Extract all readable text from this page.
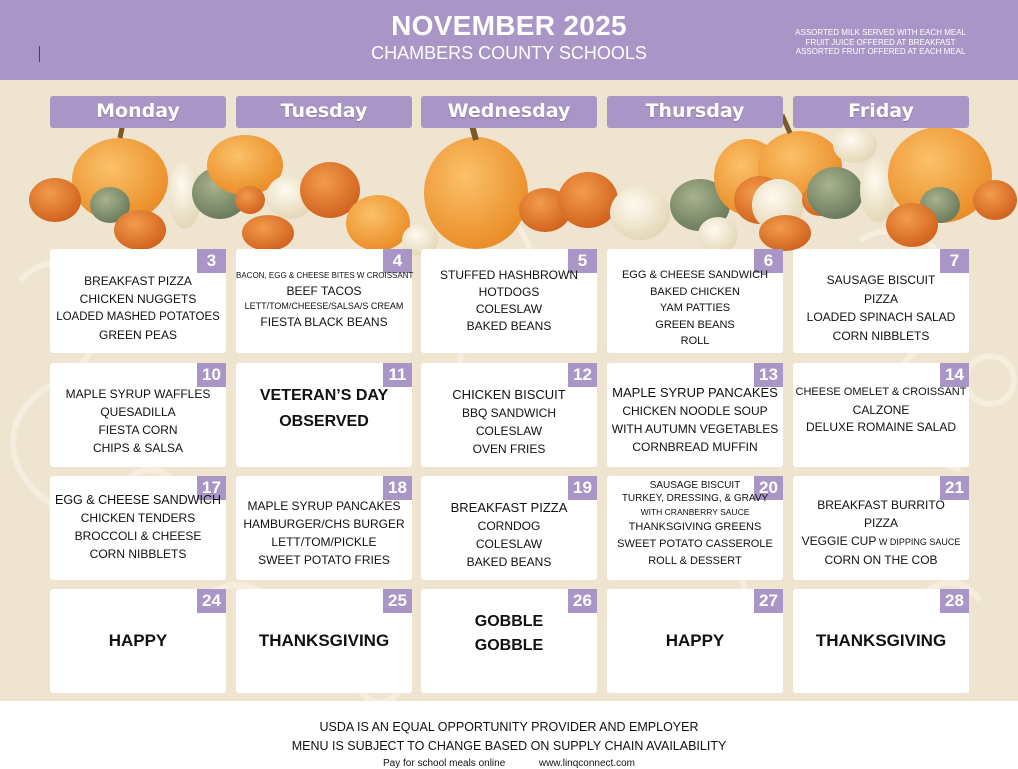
NOVEMBER 2025
CHAMBERS COUNTY SCHOOLS
ASSORTED MILK SERVED WITH EACH MEAL
FRUIT JUICE OFFERED AT BREAKFAST
ASSORTED FRUIT OFFERED AT EACH MEAL
Monday	Tuesday	Wednesday	Thursday	Friday
3
BREAKFAST PIZZA
CHICKEN NUGGETS
LOADED MASHED POTATOES
GREEN PEAS
4
BACON, EGG & CHEESE BITES W CROISSANT
BEEF TACOS
LETT/TOM/CHEESE/SALSA/S CREAM
FIESTA BLACK BEANS
5
STUFFED HASHBROWN
HOTDOGS
COLESLAW
BAKED BEANS
6
EGG & CHEESE SANDWICH
BAKED CHICKEN
YAM PATTIES
GREEN BEANS
ROLL
7
SAUSAGE BISCUIT
PIZZA
LOADED SPINACH SALAD
CORN NIBBLETS
10
MAPLE SYRUP WAFFLES
QUESADILLA
FIESTA CORN
CHIPS & SALSA
11
VETERAN’S DAY
OBSERVED
12
CHICKEN BISCUIT
BBQ SANDWICH
COLESLAW
OVEN FRIES
13
MAPLE SYRUP PANCAKES
CHICKEN NOODLE SOUP
WITH AUTUMN VEGETABLES
CORNBREAD MUFFIN
14
CHEESE OMELET & CROISSANT
CALZONE
DELUXE ROMAINE SALAD
17
EGG & CHEESE SANDWICH
CHICKEN TENDERS
BROCCOLI & CHEESE
CORN NIBBLETS
18
MAPLE SYRUP PANCAKES
HAMBURGER/CHS BURGER
LETT/TOM/PICKLE
SWEET POTATO FRIES
19
BREAKFAST PIZZA
CORNDOG
COLESLAW
BAKED BEANS
20
SAUSAGE BISCUIT
TURKEY, DRESSING, & GRAVY
WITH CRANBERRY SAUCE
THANKSGIVING GREENS
SWEET POTATO CASSEROLE
ROLL & DESSERT
21
BREAKFAST BURRITO
PIZZA
VEGGIE CUP W DIPPING SAUCE
CORN ON THE COB
24
HAPPY
25
THANKSGIVING
26
GOBBLE
GOBBLE
27
HAPPY
28
THANKSGIVING
USDA IS AN EQUAL OPPORTUNITY PROVIDER AND EMPLOYER
MENU IS SUBJECT TO CHANGE BASED ON SUPPLY CHAIN AVAILABILITY
Pay for school meals online	www.linqconnect.com
